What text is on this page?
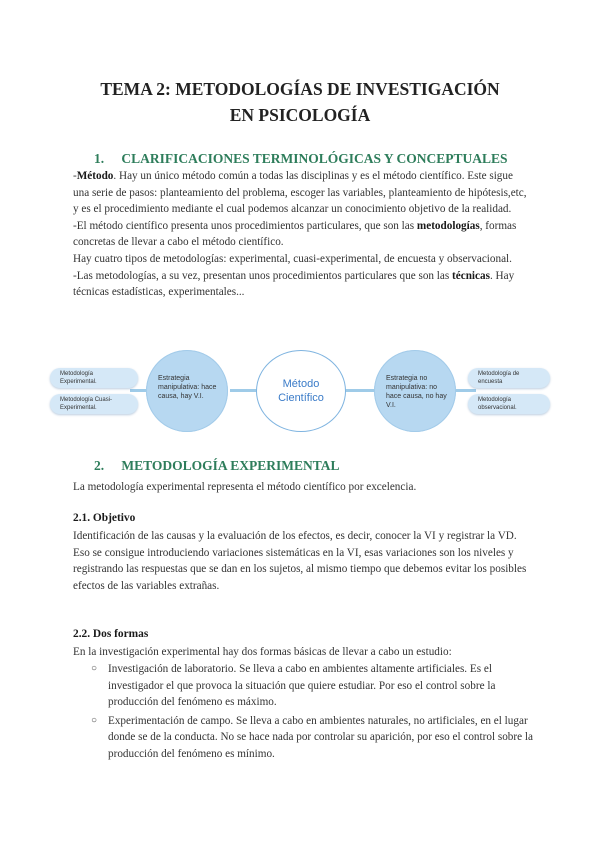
TEMA 2: METODOLOGÍAS DE INVESTIGACIÓN
EN PSICOLOGÍA
1. CLARIFICACIONES TERMINOLÓGICAS Y CONCEPTUALES

-Método. Hay un único método común a todas las disciplinas y es el método científico. Este sigue una serie de pasos: planteamiento del problema, escoger las variables, planteamiento de hipótesis,etc, y es el procedimiento mediante el cual podemos alcanzar un conocimiento objetivo de la realidad.

-El método científico presenta unos procedimientos particulares, que son las metodologías, formas concretas de llevar a cabo el método científico.

Hay cuatro tipos de metodologías: experimental, cuasi-experimental, de encuesta y observacional.

-Las metodologías, a su vez, presentan unos procedimientos particulares que son las técnicas. Hay técnicas estadísticas, experimentales...

Metodología Experimental.
Metodología Cuasi-Experimental.
Estrategia manipulativa: hace causa, hay V.I.
Método
Científico
Estrategia no manipulativa: no hace causa, no hay V.I.
Metodología de encuesta
Metodología observacional.
2. METODOLOGÍA EXPERIMENTAL
La metodología experimental representa el método científico por excelencia.
2.1. Objetivo

Identificación de las causas y la evaluación de los efectos, es decir, conocer la VI y registrar la VD.

Eso se consigue introduciendo variaciones sistemáticas en la VI, esas variaciones son los niveles y registrando las respuestas que se dan en los sujetos, al mismo tiempo que debemos evitar los posibles efectos de las variables extrañas.

2.2. Dos formas
En la investigación experimental hay dos formas básicas de llevar a cabo un estudio:
○ Investigación de laboratorio. Se lleva a cabo en ambientes altamente artificiales. Es el investigador el que provoca la situación que quiere estudiar. Por eso el control sobre la producción del fenómeno es máximo.
○ Experimentación de campo. Se lleva a cabo en ambientes naturales, no artificiales, en el lugar donde se de la conducta. No se hace nada por controlar su aparición, por eso el control sobre la producción del fenómeno es mínimo.
